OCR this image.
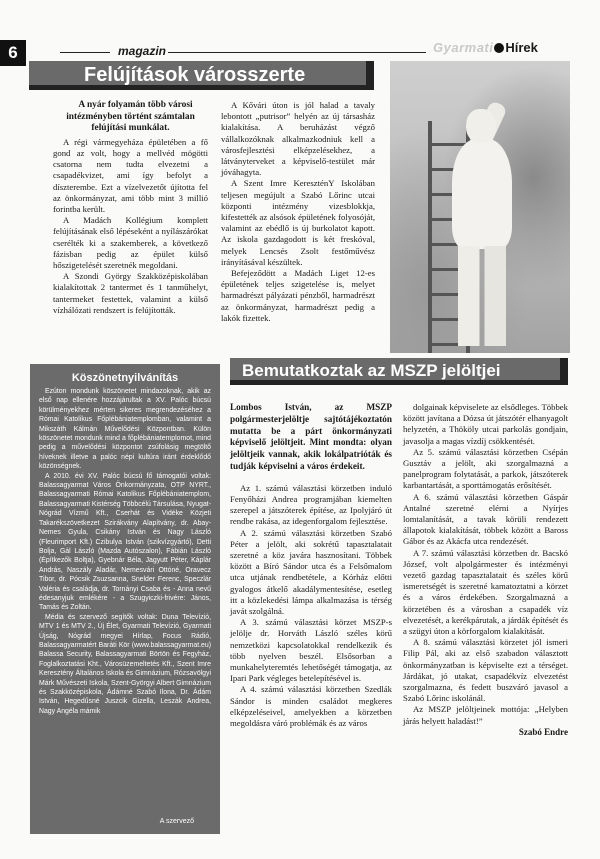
6	magazin	Gyarmati Hírek
Felújítások városszerte

A nyár folyamán több városi intézményben történt számtalan felújítási munkálat.

A régi vármegyeháza épületében a fő gond az volt, hogy a mellvéd mögötti csatorna nem tudta elvezetni a csapadékvizet, ami így befolyt a díszterembe. Ezt a vízelvezetőt újította fel az önkormányzat, ami több mint 3 millió forintba került.

A Madách Kollégium komplett felújításának első lépéseként a nyílászárókat cserélték ki a szakemberek, a következő fázisban pedig az épület külső hőszigetelését szeretnék megoldani.

A Szondi György Szakközépiskolában kialakítottak 2 tantermet és 1 tanműhelyt, tantermeket festettek, valamint a külső vízhálózati rendszert is felújították.

A Kővári úton is jól halad a tavaly lebontott „putrisor” helyén az új társasház kialakítása. A beruházást végző vállalkozóknak alkalmazkodniuk kell a városfejlesztési elképzelésekhez, a látványterveket a képviselő-testület már jóváhagyta.

A Szent Imre KereszténY Iskolában teljesen megújult a Szabó Lőrinc utcai központi intézmény vizesblokkja, kifestették az alsósok épületének folyosóját, valamint az ebédlő is új burkolatot kapott. Az iskola gazdagodott is két freskóval, melyek Lencsés Zsolt festőművész irányításával készültek.

Befejeződött a Madách Liget 12-es épületének teljes szigetelése is, melyet harmadrészt pályázati pénzből, harmadrészt az önkormányzat, harmadrészt pedig a lakók fizettek.

Köszönetnyilvánítás

Ezúton mondunk köszönetet mindazoknak, akik az első nap ellenére hozzájárultak a XV. Palóc búcsú körülményekhez mérten sikeres megrendezéséhez a Római Katolikus Főplébániatemplomban, valamint a Mikszáth Kálmán Művelődési Központban. Külön köszönetet mondunk mind a főplébániatemplomot, mind pedig a művelődési központot zsúfolásig megtöltő híveknek illetve a palóc népi kultúra iránt érdeklődő közönségnek.

A 2010. évi XV. Palóc búcsú fő támogatói voltak: Balassagyarmat Város Önkormányzata, OTP NYRT., Balassagyarmati Római Katolikus Főplébániatemplom, Balassagyarmati Kistérség Többcélú Társulása, Nyugat-Nógrád Vízmű Kft., Cserhát és Vidéke Közjeti Takarékszövetkezet Szirákvány Alapítvány, dr. Abay-Nemes Gyula, Csikány István és Nagy László (Fleurimport Kft.) Czibulya István (szikvízgyártó), Detti Bolja, Gál László (Mazda Autószalon), Fábián László (Építkezők Boltja), Gyebnár Béla, Jagyutt Péter, Káplár András, Naszály Aladár, Nemesvári Ottóné, Oravecz Tibor, dr. Pócsik Zsuzsanna, Snelder Ferenc, Speczlár Valéria és családja, dr. Tornányi Csaba és - Anna nevű édesanyjuk emlékére - a Szugyiczki-frivére: János, Tamás és Zoltán.

Média és szervező segítők voltak: Duna Televízió, MTV 1 és MTV 2., Új Élet, Gyarmati Televízió, Gyarmati Újság, Nógrád megyei Hírlap, Focus Rádió, Balassagyarmatért Baráti Kör (www.balassagyarmat.eu) Balassa Security, Balassagyarmati Börtön és Fegyház, Foglalkoztatási Kht., Városüzemeltetés Kft., Szent Imre Keresztény Általános Iskola és Gimnázium, Rózsavölgyi Márk Művészeti Iskola, Szent-Györgyi Albert Gimnázium és Szakközépiskola, Ádámné Szabó Ilona, Dr. Ádám István, Hegedűsné Juszcik Gizella, Leszák Andrea, Nagy Angéla mámik

A szervező
Bemutatkoztak az MSZP jelöltjei

Lombos István, az MSZP polgármesterjelöltje sajtótájékoztatón mutatta be a párt önkormányzati képviselő jelöltjeit. Mint mondta: olyan jelöltjeik vannak, akik lokálpatrióták és tudják képviselni a város érdekeit.

Az 1. számú választási körzetben induló Fenyőházi Andrea programjában kiemelten szerepel a játszóterek építése, az Ipolyjáró út rendbe rakása, az idegenforgalom fejlesztése.

A 2. számú választási körzetben Szabó Péter a jelölt, aki sokrétű tapasztalatait szeretné a köz javára hasznosítani. Többek között a Bíró Sándor utca és a Felsőmalom utca utjának rendbetétele, a Kórház előtti gyalogos átkelő akadálymentesítése, esetleg itt a közlekedési lámpa alkalmazása is térség javát szolgálná.

A 3. számú választási körzet MSZP-s jelölje dr. Horváth László széles körű nemzetközi kapcsolatokkal rendelkezik és több nyelven beszél. Elsősorban a munkahelyteremtés lehetőségét támogatja, az Ipari Park végleges betelepítésével is.

A 4. számú választási körzetben Szedlák Sándor is minden családot megkeres elképzeléseivel, amelyekben a körzetben megoldásra váró problémák és az város

dolgainak képviselete az elsődleges. Többek között javítana a Dózsa út játszótér elhanyagolt helyzetén, a Thököly utcai parkolás gondjain, javasolja a magas vízdíj csökkentését.

Az 5. számú választási körzetben Csépán Gusztáv a jelölt, aki szorgalmazná a panelprogram folytatását, a parkok, játszóterek karbantartását, a sporttámogatás erősítését.

A 6. számú választási körzetben Gáspár Antalné szeretné elérni a Nyírjes lomtalanítását, a tavak körüli rendezett állapotok kialakítását, többek között a Baross Gábor és az Akácfa utca rendezését.

A 7. számú választási körzetben dr. Bacskó József, volt alpolgármester és intézményi vezető gazdag tapasztalatait és széles körű ismeretségét is szeretné kamatoztatni a körzet és a város érdekében. Szorgalmazná a körzetében és a városban a csapadék víz elvezetését, a kerékpárutak, a járdák építését és a szügyi úton a körforgalom kialakítását.

A 8. számú választási körzetet jól ismeri Filip Pál, aki az első szabadon választott önkormányzatban is képviselte ezt a térséget. Járdákat, jó utakat, csapadékvíz elvezetést szorgalmazna, és fedett buszváró javasol a Szabó Lőrinc iskolánál.

Az MSZP jelöltjeinek mottója: „Helyben járás helyett haladást!”

Szabó Endre
